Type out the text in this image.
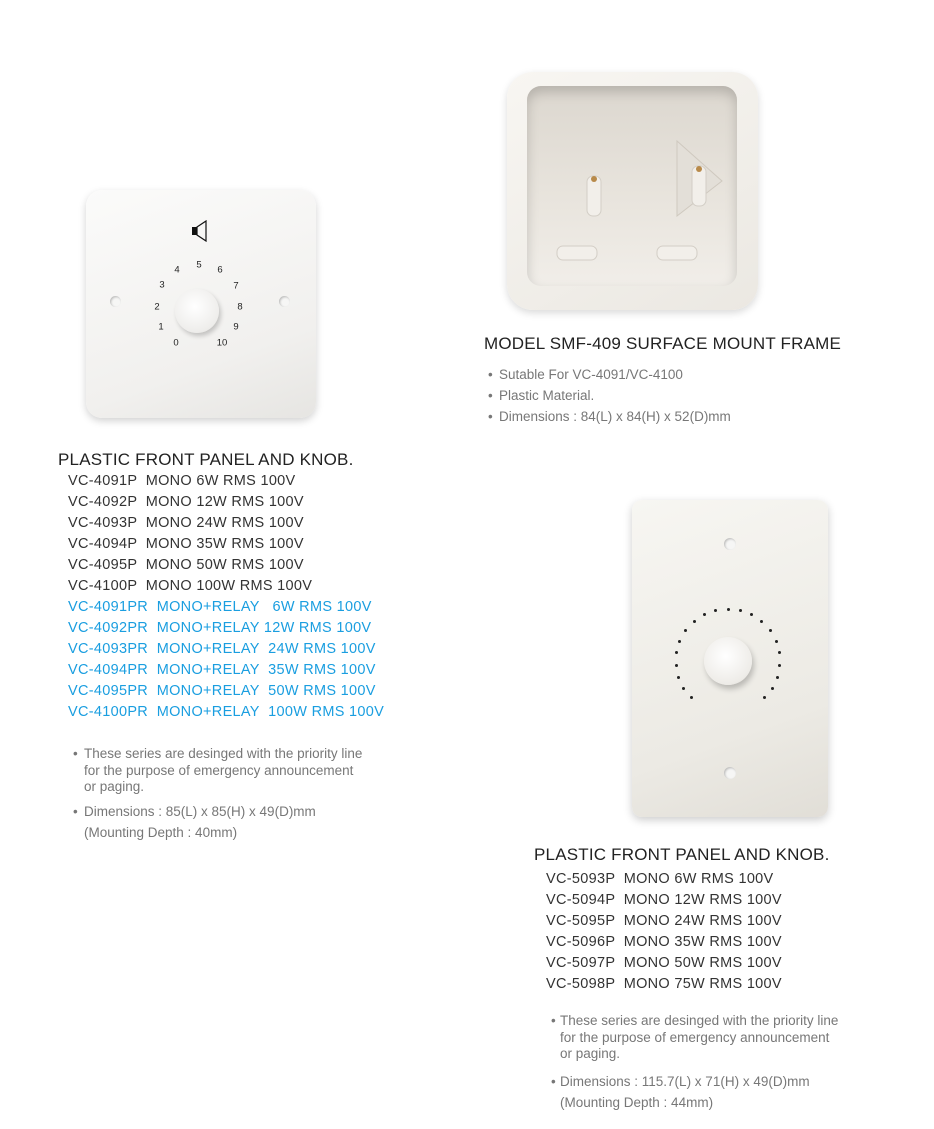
0
1
2
3
4 5 6
7
8
9
10	MODEL SMF-409 SURFACE MOUNT FRAME
• Sutable For VC-4091/VC-4100
• Plastic Material.
• Dimensions : 84(L) x 84(H) x 52(D)mm
PLASTIC FRONT PANEL AND KNOB.
VC-4091P  MONO 6W RMS 100V
VC-4092P  MONO 12W RMS 100V
VC-4093P  MONO 24W RMS 100V
VC-4094P  MONO 35W RMS 100V
VC-4095P  MONO 50W RMS 100V
VC-4100P  MONO 100W RMS 100V
VC-4091PR  MONO+RELAY   6W RMS 100V
VC-4092PR  MONO+RELAY 12W RMS 100V
VC-4093PR  MONO+RELAY  24W RMS 100V
VC-4094PR  MONO+RELAY  35W RMS 100V
VC-4095PR  MONO+RELAY  50W RMS 100V
VC-4100PR  MONO+RELAY  100W RMS 100V
• These series are desinged with the priority line
for the purpose of emergency announcement
or paging.
• Dimensions : 85(L) x 85(H) x 49(D)mm
(Mounting Depth : 40mm)
PLASTIC FRONT PANEL AND KNOB.
VC-5093P  MONO 6W RMS 100V
VC-5094P  MONO 12W RMS 100V
VC-5095P  MONO 24W RMS 100V
VC-5096P  MONO 35W RMS 100V
VC-5097P  MONO 50W RMS 100V
VC-5098P  MONO 75W RMS 100V
• These series are desinged with the priority line
for the purpose of emergency announcement
or paging.
• Dimensions : 115.7(L) x 71(H) x 49(D)mm
(Mounting Depth : 44mm)
